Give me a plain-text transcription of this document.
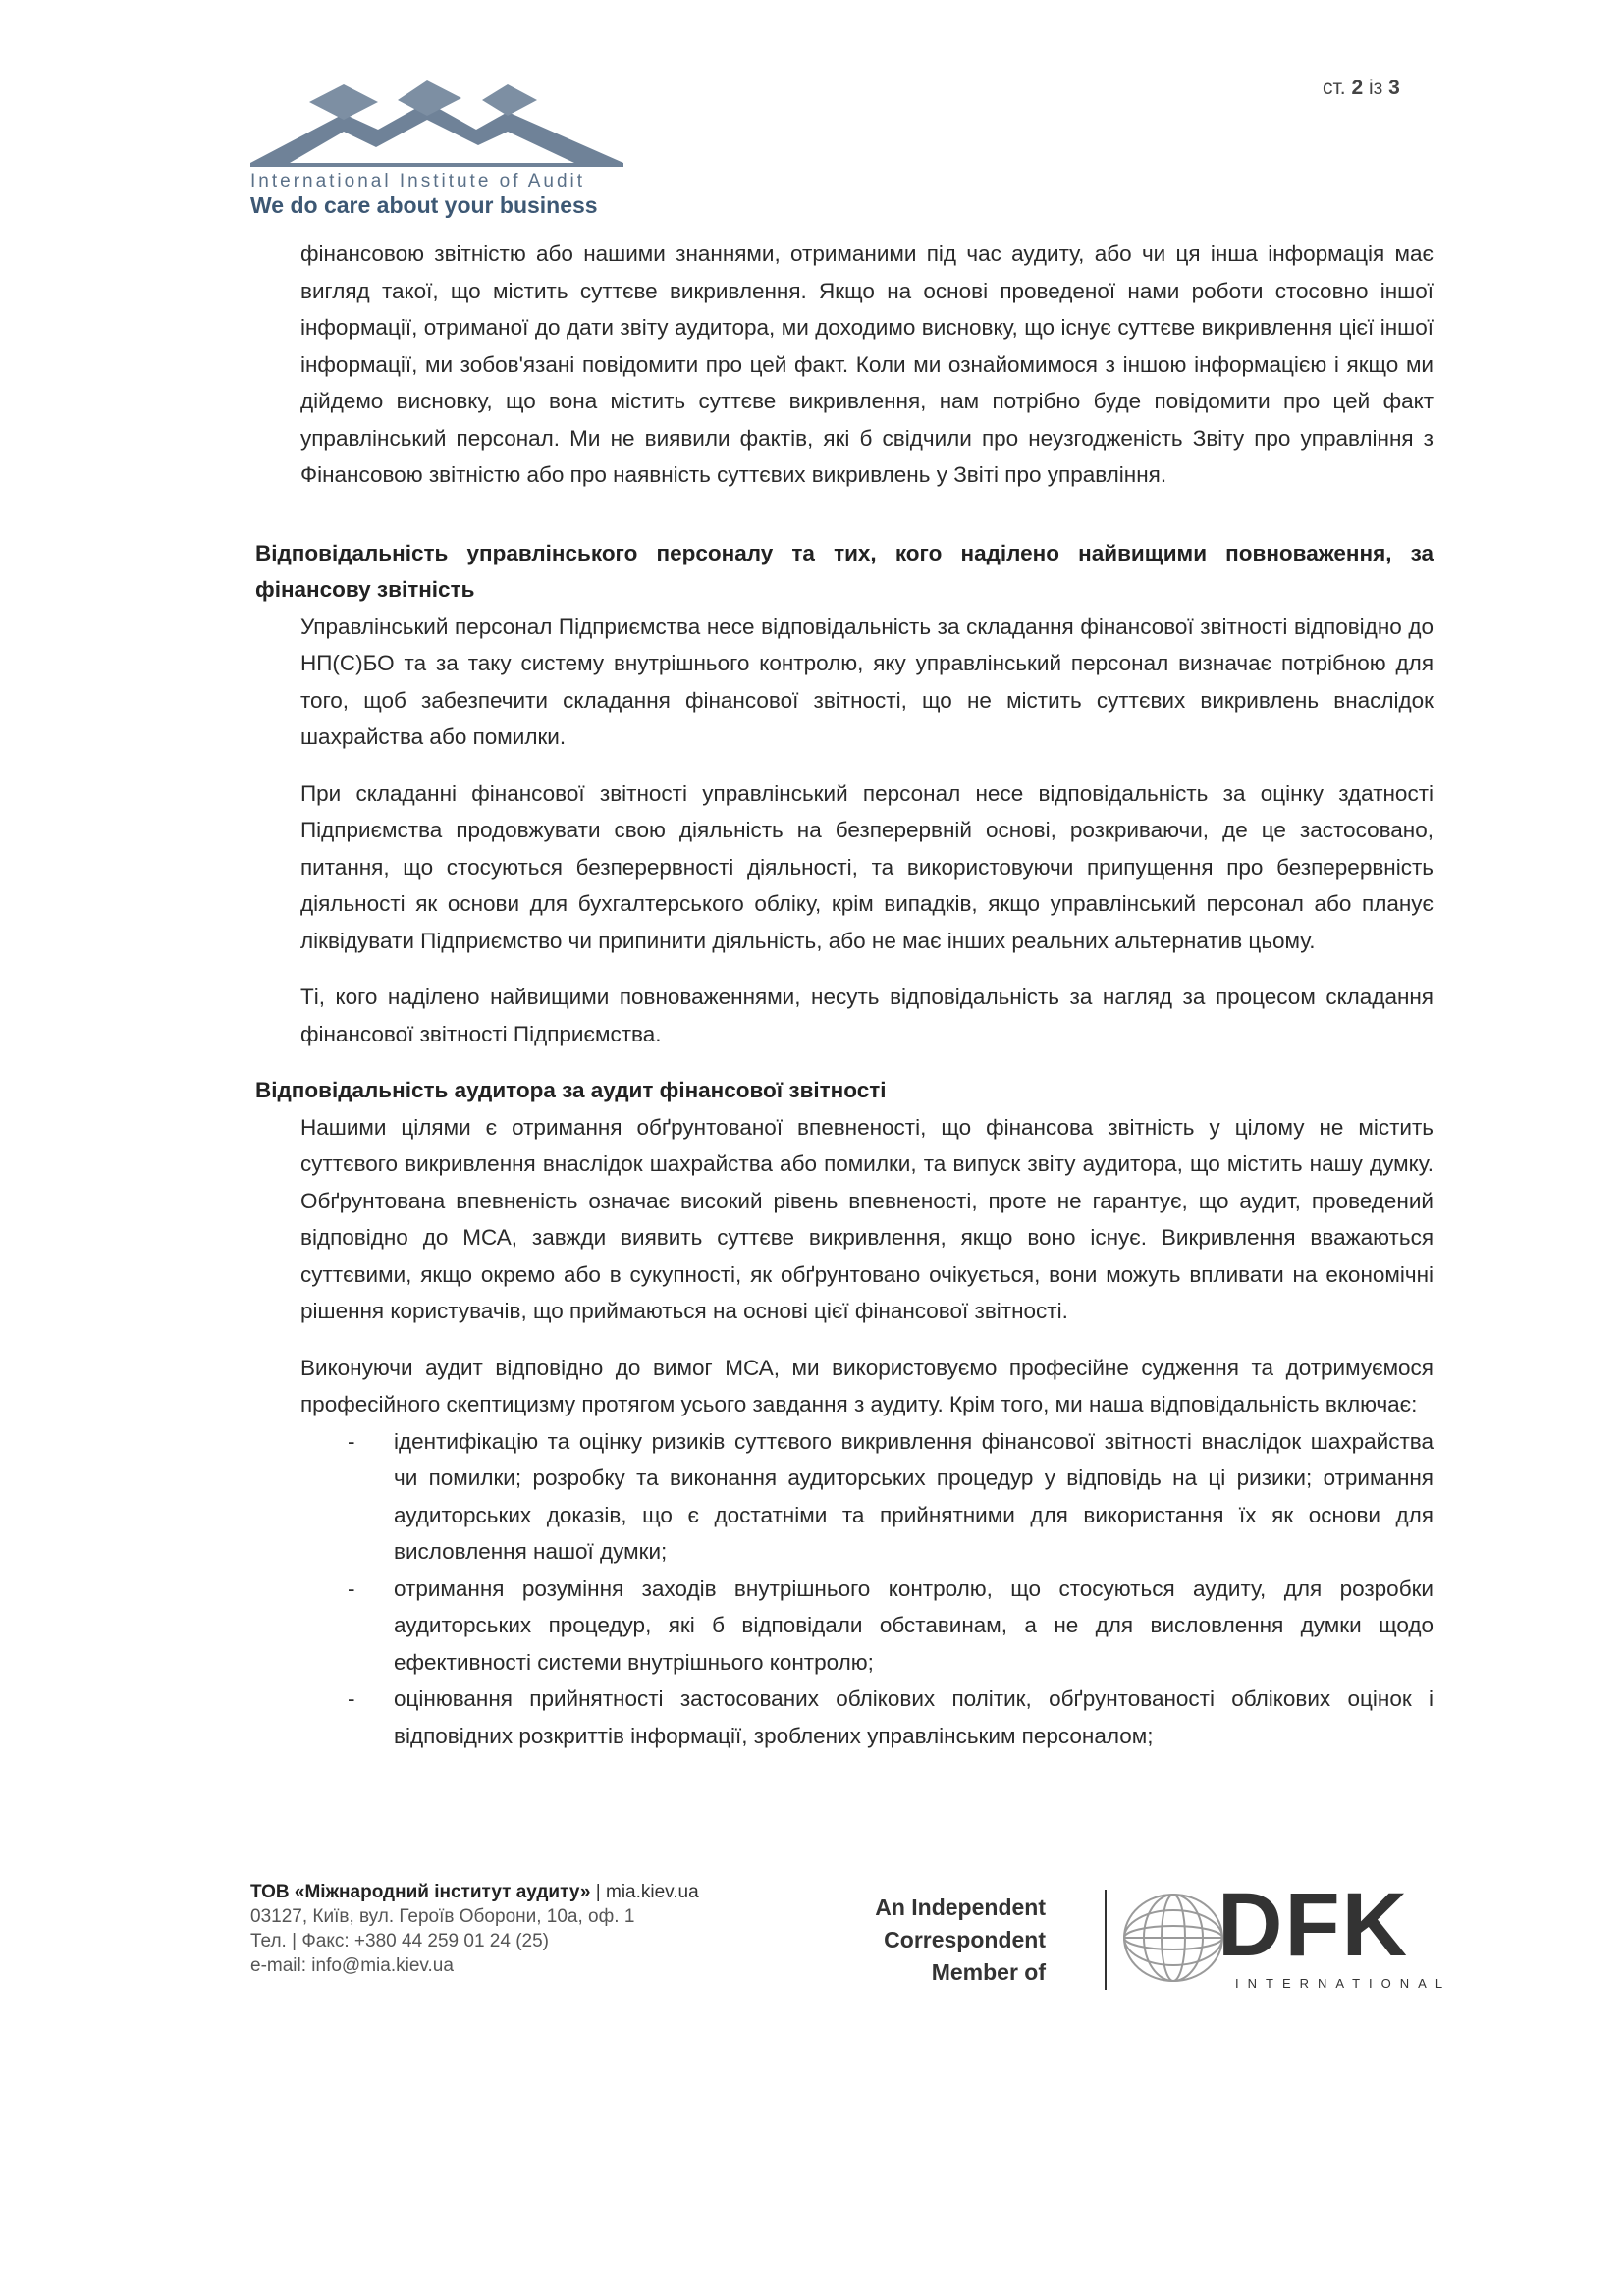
International Institute of Audit
We do care about your business
ст. 2 із 3

фінансовою звітністю або нашими знаннями, отриманими під час аудиту, або чи ця інша інформація має вигляд такої, що містить суттєве викривлення. Якщо на основі проведеної нами роботи стосовно іншої інформації, отриманої до дати звіту аудитора, ми доходимо висновку, що існує суттєве викривлення цієї іншої інформації, ми зобов'язані повідомити про цей факт. Коли ми ознайомимося з іншою інформацією і якщо ми дійдемо висновку, що вона містить суттєве викривлення, нам потрібно буде повідомити про цей факт управлінський персонал. Ми не виявили фактів, які б свідчили про неузгодженість Звіту про управління з Фінансовою звітністю або про наявність суттєвих викривлень у Звіті про управління.

Відповідальність управлінського персоналу та тих, кого наділено найвищими повноваження, за фінансову звітність

Управлінський персонал Підприємства несе відповідальність за складання фінансової звітності відповідно до НП(С)БО та за таку систему внутрішнього контролю, яку управлінський персонал визначає потрібною для того, щоб забезпечити складання фінансової звітності, що не містить суттєвих викривлень внаслідок шахрайства або помилки.

При складанні фінансової звітності управлінський персонал несе відповідальність за оцінку здатності Підприємства продовжувати свою діяльність на безперервній основі, розкриваючи, де це застосовано, питання, що стосуються безперервності діяльності, та використовуючи припущення про безперервність діяльності як основи для бухгалтерського обліку, крім випадків, якщо управлінський персонал або планує ліквідувати Підприємство чи припинити діяльність, або не має інших реальних альтернатив цьому.

Ті, кого наділено найвищими повноваженнями, несуть відповідальність за нагляд за процесом складання фінансової звітності Підприємства.

Відповідальність аудитора за аудит фінансової звітності

Нашими цілями є отримання обґрунтованої впевненості, що фінансова звітність у цілому не містить суттєвого викривлення внаслідок шахрайства або помилки, та випуск звіту аудитора, що містить нашу думку. Обґрунтована впевненість означає високий рівень впевненості, проте не гарантує, що аудит, проведений відповідно до МСА, завжди виявить суттєве викривлення, якщо воно існує. Викривлення вважаються суттєвими, якщо окремо або в сукупності, як обґрунтовано очікується, вони можуть впливати на економічні рішення користувачів, що приймаються на основі цієї фінансової звітності.

Виконуючи аудит відповідно до вимог МСА, ми використовуємо професійне судження та дотримуємося професійного скептицизму протягом усього завдання з аудиту. Крім того, ми наша відповідальність включає:

- ідентифікацію та оцінку ризиків суттєвого викривлення фінансової звітності внаслідок шахрайства чи помилки; розробку та виконання аудиторських процедур у відповідь на ці ризики; отримання аудиторських доказів, що є достатніми та прийнятними для використання їх як основи для висловлення нашої думки;
- отримання розуміння заходів внутрішнього контролю, що стосуються аудиту, для розробки аудиторських процедур, які б відповідали обставинам, а не для висловлення думки щодо ефективності системи внутрішнього контролю;
- оцінювання прийнятності застосованих облікових політик, обґрунтованості облікових оцінок і відповідних розкриттів інформації, зроблених управлінським персоналом;
ТОВ «Міжнародний інститут аудиту» | mia.kiev.ua
03127, Київ, вул. Героїв Оборони, 10а, оф. 1
Тел. | Факс: +380 44 259 01 24 (25)
e-mail: info@mia.kiev.ua
An Independent
Correspondent
Member of DFK
INTERNATIONAL
